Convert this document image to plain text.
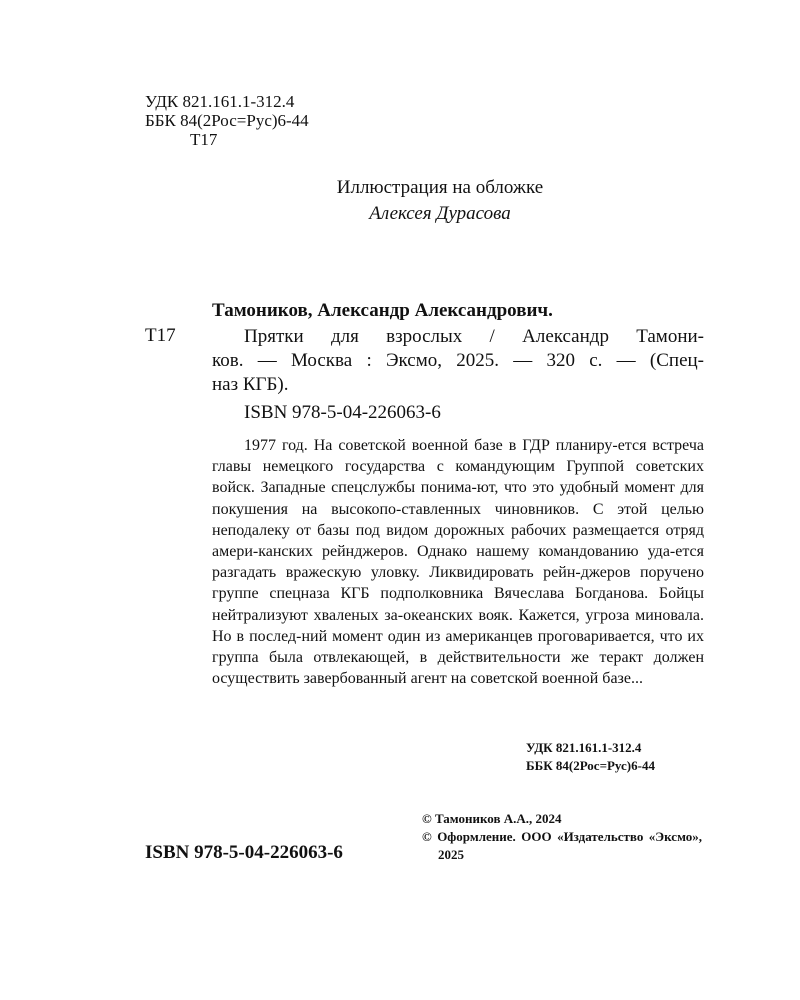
УДК 821.161.1-312.4
ББК 84(2Рос=Рус)6-44
Т17
Иллюстрация на обложке
Алексея Дурасова
Тамоников, Александр Александрович.
Т17	Прятки для взрослых / Александр Тамони-
ков. — Москва : Эксмо, 2025. — 320 с. — (Спец-
наз КГБ).
ISBN 978-5-04-226063-6

1977 год. На советской военной базе в ГДР планиру-ется встреча главы немецкого государства с командующим Группой советских войск. Западные спецслужбы понима-ют, что это удобный момент для покушения на высокопо-ставленных чиновников. С этой целью неподалеку от базы под видом дорожных рабочих размещается отряд амери-канских рейнджеров. Однако нашему командованию уда-ется разгадать вражескую уловку. Ликвидировать рейн-джеров поручено группе спецназа КГБ подполковника Вячеслава Богданова. Бойцы нейтрализуют хваленых за-океанских вояк. Кажется, угроза миновала. Но в послед-ний момент один из американцев проговаривается, что их группа была отвлекающей, в действительности же теракт должен осуществить завербованный агент на советской военной базе...

УДК 821.161.1-312.4
ББК 84(2Рос=Рус)6-44
ISBN 978-5-04-226063-6
© Тамоников А.А., 2024
© Оформление. ООО «Издательство «Эксмо», 2025
